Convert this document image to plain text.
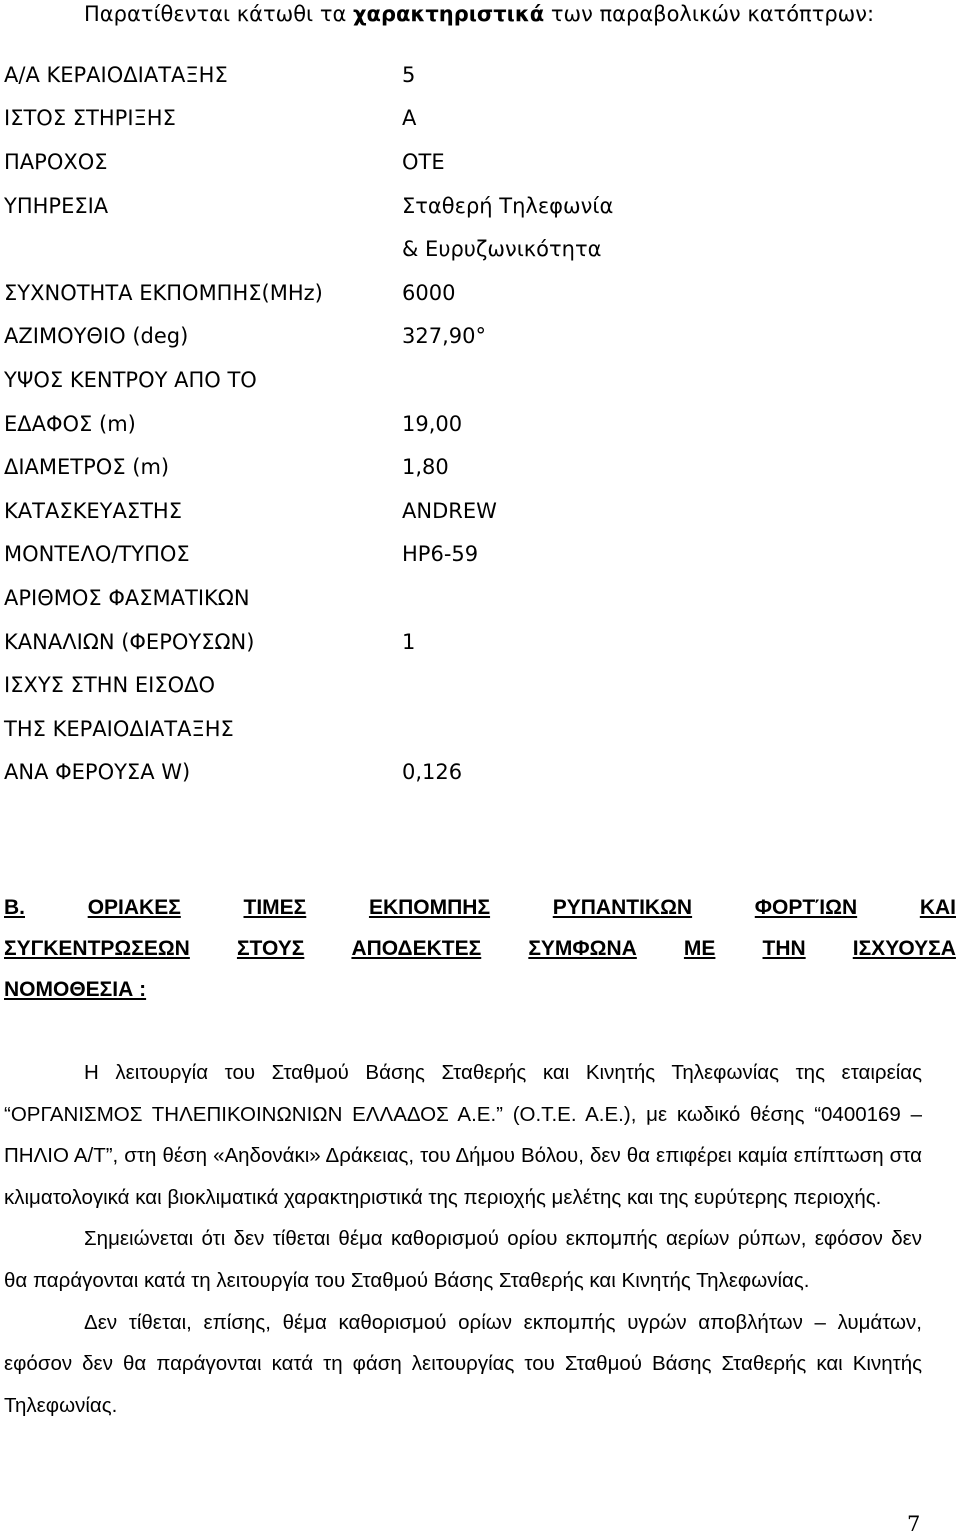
Παρατίθενται κάτωθι τα χαρακτηριστικά των παραβολικών κατόπτρων:
Α/Α ΚΕΡΑΙΟΔΙΑΤΑΞΗΣ	5
ΙΣΤΟΣ ΣΤΗΡΙΞΗΣ	Α
ΠΑΡΟΧΟΣ	ΟΤΕ
ΥΠΗΡΕΣΙΑ	Σταθερή Τηλεφωνία
& Ευρυζωνικότητα
ΣΥΧΝΟΤΗΤΑ ΕΚΠΟΜΠΗΣ(MHz)	6000
ΑΖΙΜΟΥΘΙΟ (deg)	327,90°
ΥΨΟΣ ΚΕΝΤΡΟΥ ΑΠΟ ΤΟ
ΕΔΑΦΟΣ (m)	19,00
ΔΙΑΜΕΤΡΟΣ (m)	1,80
ΚΑΤΑΣΚΕΥΑΣΤΗΣ	ANDREW
ΜΟΝΤΕΛΟ/ΤΥΠΟΣ	HP6-59
ΑΡΙΘΜΟΣ ΦΑΣΜΑΤΙΚΩΝ
ΚΑΝΑΛΙΩΝ (ΦΕΡΟΥΣΩΝ)	1
ΙΣΧΥΣ ΣΤΗΝ ΕΙΣΟΔΟ
ΤΗΣ ΚΕΡΑΙΟΔΙΑΤΑΞΗΣ
ΑΝΑ ΦΕΡΟΥΣΑ W)	0,126
Β.	ΟΡΙΑΚΕΣ	ΤΙΜΕΣ	ΕΚΠΟΜΠΗΣ	ΡΥΠΑΝΤΙΚΩΝ	ΦΟΡΤΊΩΝ	ΚΑΙ
ΣΥΓΚΕΝΤΡΩΣΕΩΝ ΣΤΟΥΣ ΑΠΟΔΕΚΤΕΣ ΣΥΜΦΩΝΑ ΜΕ ΤΗΝ ΙΣΧΥΟΥΣΑ
ΝΟΜΟΘΕΣΙΑ :

Η λειτουργία του Σταθμού Βάσης Σταθερής και Κινητής Τηλεφωνίας της εταιρείας “ΟΡΓΑΝΙΣΜΟΣ ΤΗΛΕΠΙΚΟΙΝΩΝΙΩΝ ΕΛΛΑΔΟΣ Α.Ε.” (Ο.Τ.Ε. Α.Ε.), με κωδικό θέσης “0400169 – ΠΗΛΙΟ Α/Τ”, στη θέση «Αηδονάκι» Δράκειας, του Δήμου Βόλου, δεν θα επιφέρει καμία επίπτωση στα κλιματολογικά και βιοκλιματικά χαρακτηριστικά της περιοχής μελέτης και της ευρύτερης περιοχής.

Σημειώνεται ότι δεν τίθεται θέμα καθορισμού ορίου εκπομπής αερίων ρύπων, εφόσον δεν θα παράγονται κατά τη λειτουργία του Σταθμού Βάσης Σταθερής και Κινητής Τηλεφωνίας.

Δεν τίθεται, επίσης, θέμα καθορισμού ορίων εκπομπής υγρών αποβλήτων – λυμάτων, εφόσον δεν θα παράγονται κατά τη φάση λειτουργίας του Σταθμού Βάσης Σταθερής και Κινητής Τηλεφωνίας.

7
